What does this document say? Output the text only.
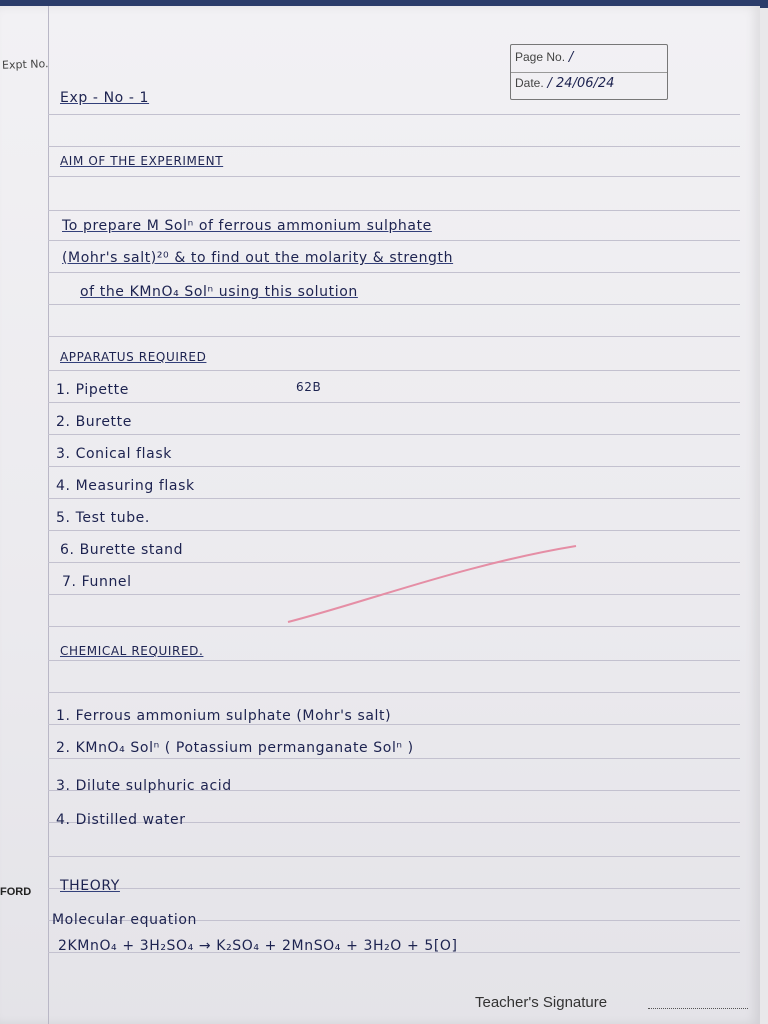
Expt No.
FORD
Page No. /
Date. / 24/06/24
Exp - No - 1
AIM OF THE EXPERIMENT
To prepare M Solⁿ of ferrous ammonium sulphate
(Mohr's salt)²⁰ & to find out the molarity & strength
of the KMnO₄ Solⁿ using this solution
APPARATUS REQUIRED
1. Pipette	62B
2. Burette
3. Conical flask
4. Measuring flask
5. Test tube.
6. Burette stand
7. Funnel
CHEMICAL REQUIRED.
1. Ferrous ammonium sulphate (Mohr's salt)
2. KMnO₄ Solⁿ ( Potassium permanganate Solⁿ )
3. Dilute sulphuric acid
4. Distilled water
THEORY
Molecular equation
2KMnO₄ + 3H₂SO₄ → K₂SO₄ + 2MnSO₄ + 3H₂O + 5[O]
Teacher's Signature
